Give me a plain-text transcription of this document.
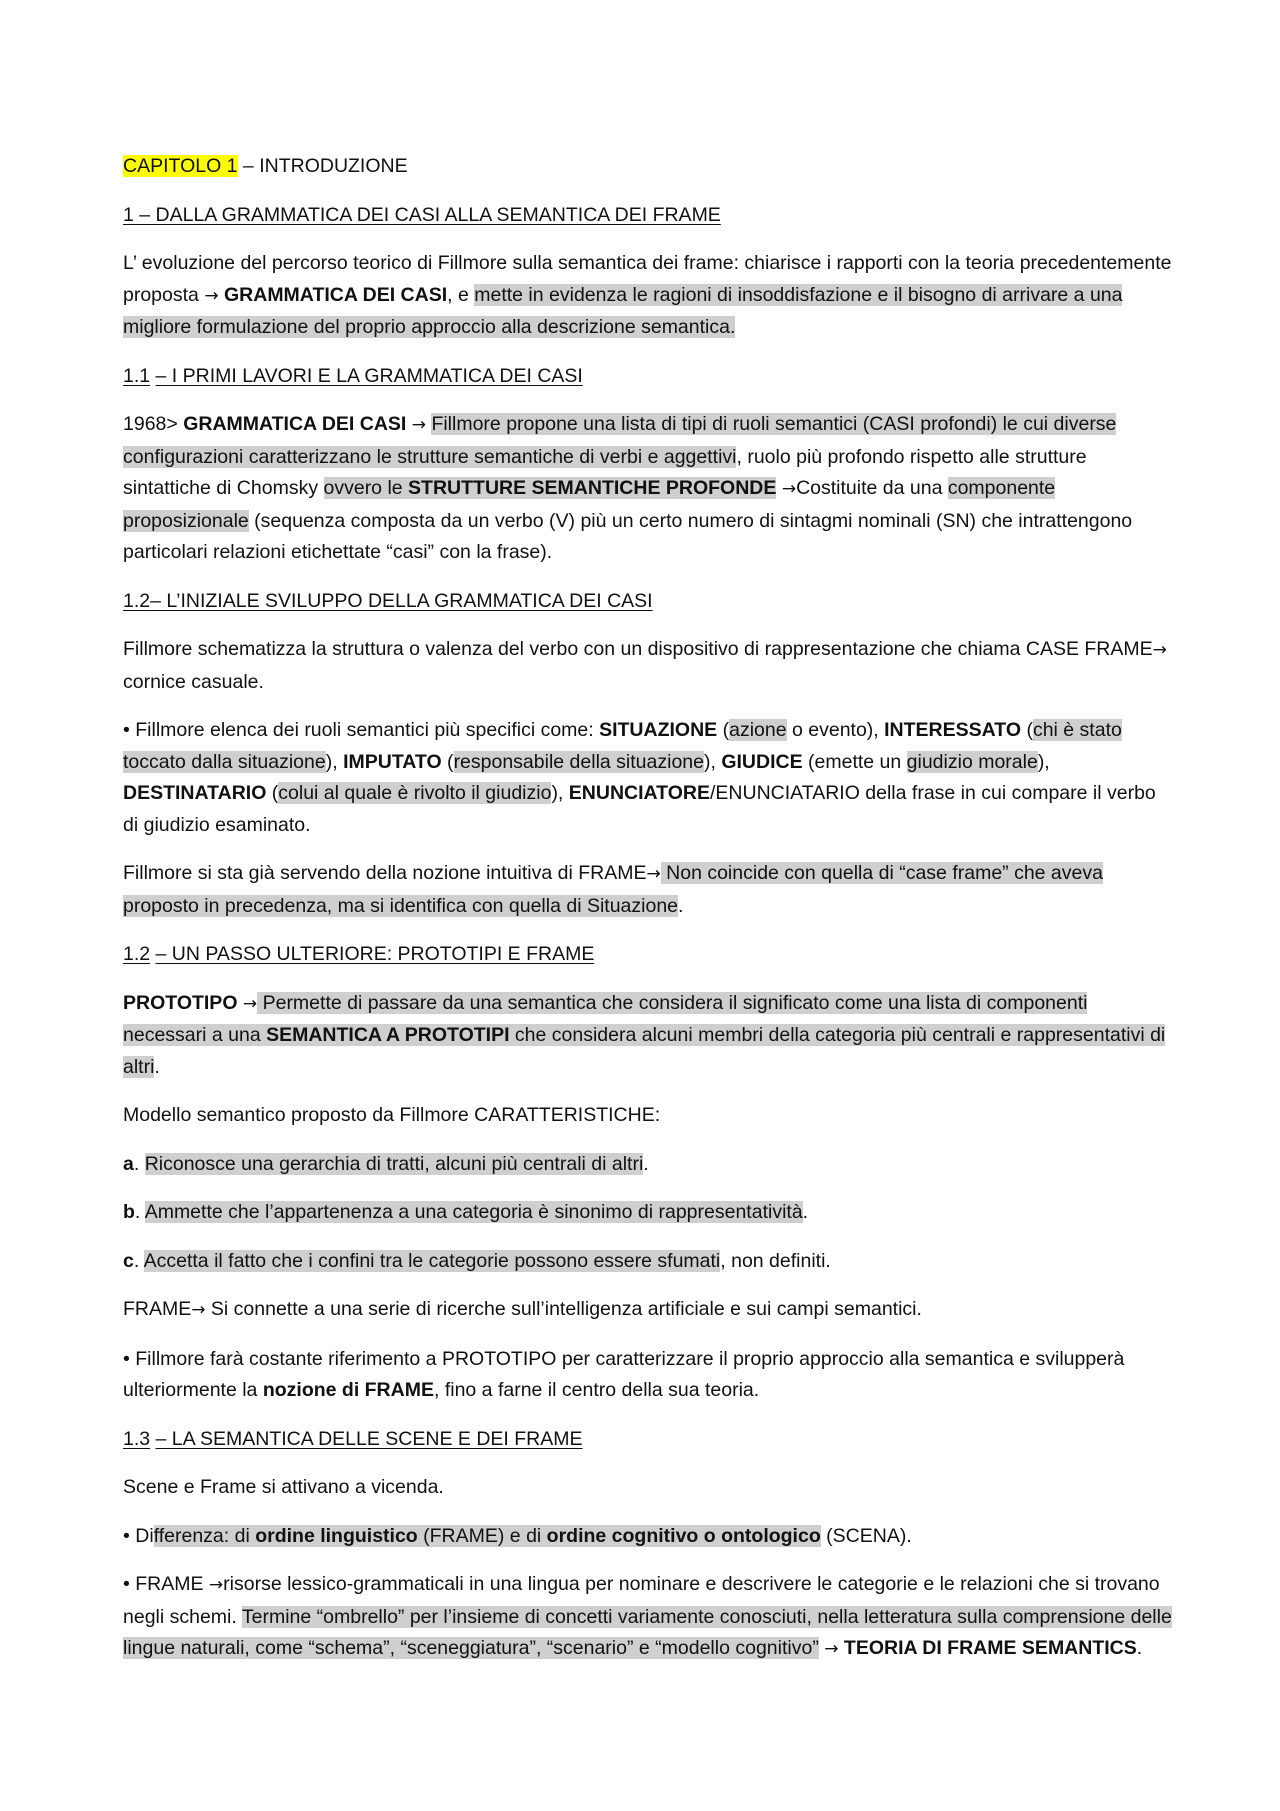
CAPITOLO 1 – INTRODUZIONE

1 – DALLA GRAMMATICA DEI CASI ALLA SEMANTICA DEI FRAME

L’ evoluzione del percorso teorico di Fillmore sulla semantica dei frame: chiarisce i rapporti con la teoria precedentemente proposta → GRAMMATICA DEI CASI, e mette in evidenza le ragioni di insoddisfazione e il bisogno di arrivare a una migliore formulazione del proprio approccio alla descrizione semantica.

1.1 – I PRIMI LAVORI E LA GRAMMATICA DEI CASI

1968> GRAMMATICA DEI CASI → Fillmore propone una lista di tipi di ruoli semantici (CASI profondi) le cui diverse configurazioni caratterizzano le strutture semantiche di verbi e aggettivi, ruolo più profondo rispetto alle strutture sintattiche di Chomsky ovvero le STRUTTURE SEMANTICHE PROFONDE →Costituite da una componente proposizionale (sequenza composta da un verbo (V) più un certo numero di sintagmi nominali (SN) che intrattengono particolari relazioni etichettate “casi” con la frase).

1.2– L’INIZIALE SVILUPPO DELLA GRAMMATICA DEI CASI

Fillmore schematizza la struttura o valenza del verbo con un dispositivo di rappresentazione che chiama CASE FRAME→ cornice casuale.

• Fillmore elenca dei ruoli semantici più specifici come: SITUAZIONE (azione o evento), INTERESSATO (chi è stato toccato dalla situazione), IMPUTATO (responsabile della situazione), GIUDICE (emette un giudizio morale), DESTINATARIO (colui al quale è rivolto il giudizio), ENUNCIATORE/ENUNCIATARIO della frase in cui compare il verbo di giudizio esaminato.

Fillmore si sta già servendo della nozione intuitiva di FRAME→ Non coincide con quella di “case frame” che aveva proposto in precedenza, ma si identifica con quella di Situazione.

1.2 – UN PASSO ULTERIORE: PROTOTIPI E FRAME

PROTOTIPO → Permette di passare da una semantica che considera il significato come una lista di componenti necessari a una SEMANTICA A PROTOTIPI che considera alcuni membri della categoria più centrali e rappresentativi di altri.

Modello semantico proposto da Fillmore CARATTERISTICHE:

a. Riconosce una gerarchia di tratti, alcuni più centrali di altri.

b. Ammette che l’appartenenza a una categoria è sinonimo di rappresentatività.

c. Accetta il fatto che i confini tra le categorie possono essere sfumati, non definiti.

FRAME→ Si connette a una serie di ricerche sull’intelligenza artificiale e sui campi semantici.

• Fillmore farà costante riferimento a PROTOTIPO per caratterizzare il proprio approccio alla semantica e svilupperà ulteriormente la nozione di FRAME, fino a farne il centro della sua teoria.

1.3 – LA SEMANTICA DELLE SCENE E DEI FRAME

Scene e Frame si attivano a vicenda.

• Differenza: di ordine linguistico (FRAME) e di ordine cognitivo o ontologico (SCENA).

• FRAME →risorse lessico-grammaticali in una lingua per nominare e descrivere le categorie e le relazioni che si trovano negli schemi. Termine “ombrello” per l’insieme di concetti variamente conosciuti, nella letteratura sulla comprensione delle lingue naturali, come “schema”, “sceneggiatura”, “scenario” e “modello cognitivo” → TEORIA DI FRAME SEMANTICS.
